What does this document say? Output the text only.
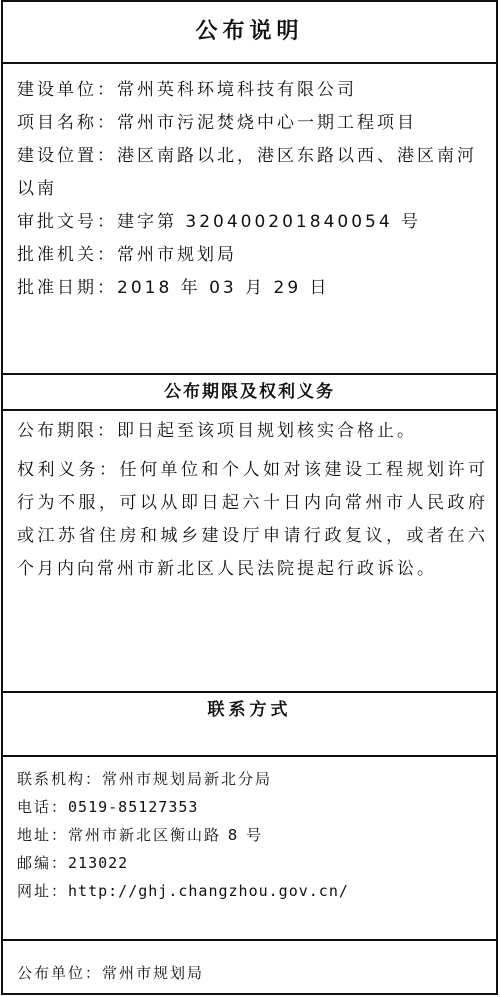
公布说明
建设单位：常州英科环境科技有限公司
项目名称：常州市污泥焚烧中心一期工程项目
建设位置：港区南路以北，港区东路以西、港区南河以南
审批文号：建字第 320400201840054 号
批准机关：常州市规划局
批准日期：2018 年 03 月 29 日
公布期限及权利义务

公布期限：即日起至该项目规划核实合格止。

权利义务：任何单位和个人如对该建设工程规划许可行为不服，可以从即日起六十日内向常州市人民政府或江苏省住房和城乡建设厅申请行政复议，或者在六个月内向常州市新北区人民法院提起行政诉讼。

联系方式
联系机构：常州市规划局新北分局
电话：0519-85127353
地址：常州市新北区衡山路 8 号
邮编：213022
网址：http://ghj.changzhou.gov.cn/
公布单位：常州市规划局
